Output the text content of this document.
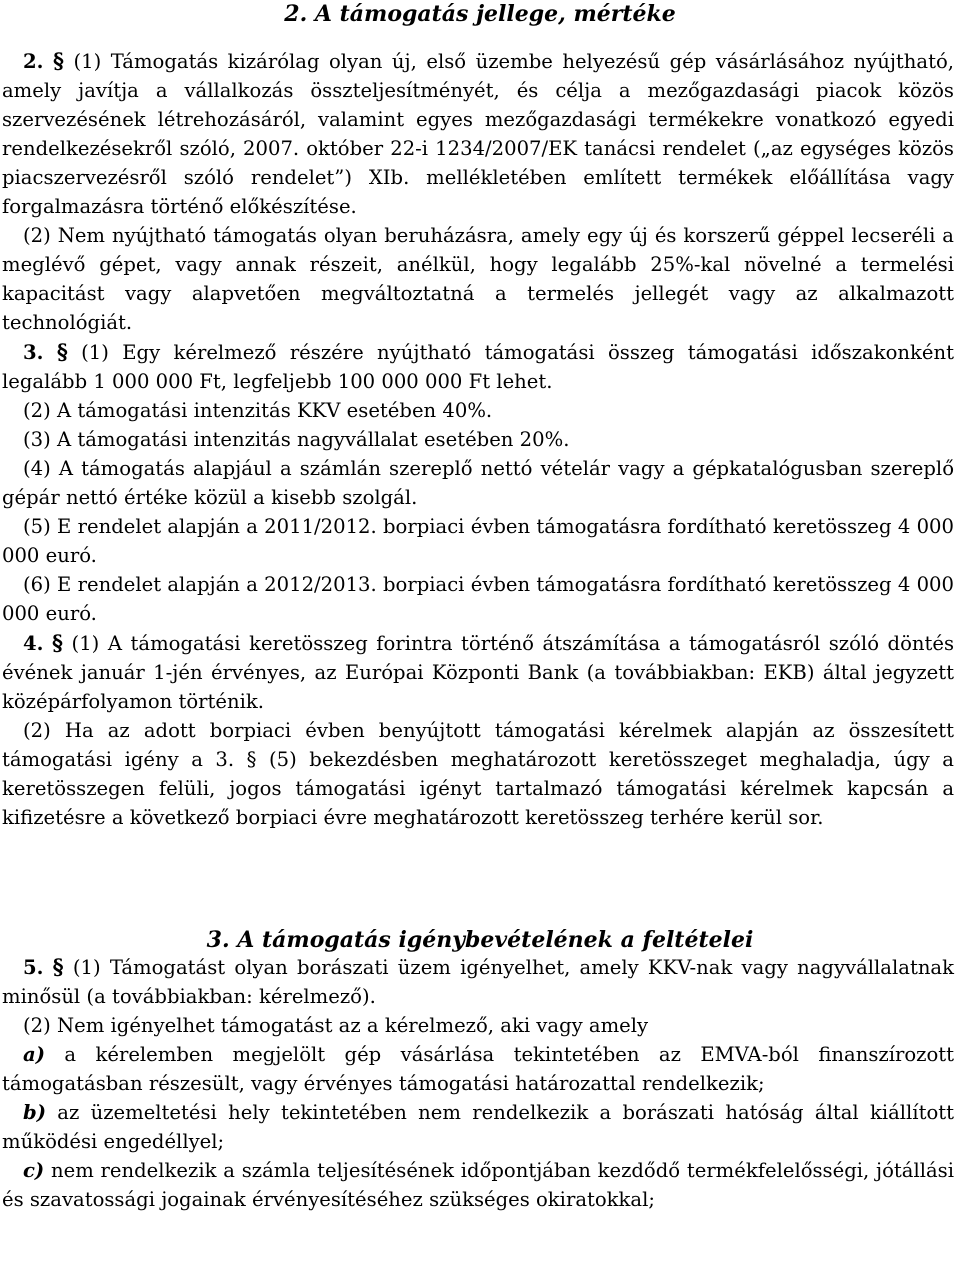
2. A támogatás jellege, mértéke

2. § (1) Támogatás kizárólag olyan új, első üzembe helyezésű gép vásárlásához nyújtható, amely javítja a vállalkozás összteljesítményét, és célja a mezőgazdasági piacok közös szervezésének létrehozásáról, valamint egyes mezőgazdasági termékekre vonatkozó egyedi rendelkezésekről szóló, 2007. október 22-i 1234/2007/EK tanácsi rendelet („az egységes közös piacszervezésről szóló rendelet”) XIb. mellékletében említett termékek előállítása vagy forgalmazásra történő előkészítése.

(2) Nem nyújtható támogatás olyan beruházásra, amely egy új és korszerű géppel lecseréli a meglévő gépet, vagy annak részeit, anélkül, hogy legalább 25%-kal növelné a termelési kapacitást vagy alapvetően megváltoztatná a termelés jellegét vagy az alkalmazott technológiát.

3. § (1) Egy kérelmező részére nyújtható támogatási összeg támogatási időszakonként legalább 1 000 000 Ft, legfeljebb 100 000 000 Ft lehet.

(2) A támogatási intenzitás KKV esetében 40%.

(3) A támogatási intenzitás nagyvállalat esetében 20%.

(4) A támogatás alapjául a számlán szereplő nettó vételár vagy a gépkatalógusban szereplő gépár nettó értéke közül a kisebb szolgál.

(5) E rendelet alapján a 2011/2012. borpiaci évben támogatásra fordítható keretösszeg 4 000 000 euró.

(6) E rendelet alapján a 2012/2013. borpiaci évben támogatásra fordítható keretösszeg 4 000 000 euró.

4. § (1) A támogatási keretösszeg forintra történő átszámítása a támogatásról szóló döntés évének január 1-jén érvényes, az Európai Központi Bank (a továbbiakban: EKB) által jegyzett középárfolyamon történik.

(2) Ha az adott borpiaci évben benyújtott támogatási kérelmek alapján az összesített támogatási igény a 3. § (5) bekezdésben meghatározott keretösszeget meghaladja, úgy a keretösszegen felüli, jogos támogatási igényt tartalmazó támogatási kérelmek kapcsán a kifizetésre a következő borpiaci évre meghatározott keretösszeg terhére kerül sor.

3. A támogatás igénybevételének a feltételei

5. § (1) Támogatást olyan borászati üzem igényelhet, amely KKV-nak vagy nagyvállalatnak minősül (a továbbiakban: kérelmező).

(2) Nem igényelhet támogatást az a kérelmező, aki vagy amely

a) a kérelemben megjelölt gép vásárlása tekintetében az EMVA-ból finanszírozott támogatásban részesült, vagy érvényes támogatási határozattal rendelkezik;

b) az üzemeltetési hely tekintetében nem rendelkezik a borászati hatóság által kiállított működési engedéllyel;

c) nem rendelkezik a számla teljesítésének időpontjában kezdődő termékfelelősségi, jótállási és szavatossági jogainak érvényesítéséhez szükséges okiratokkal;
